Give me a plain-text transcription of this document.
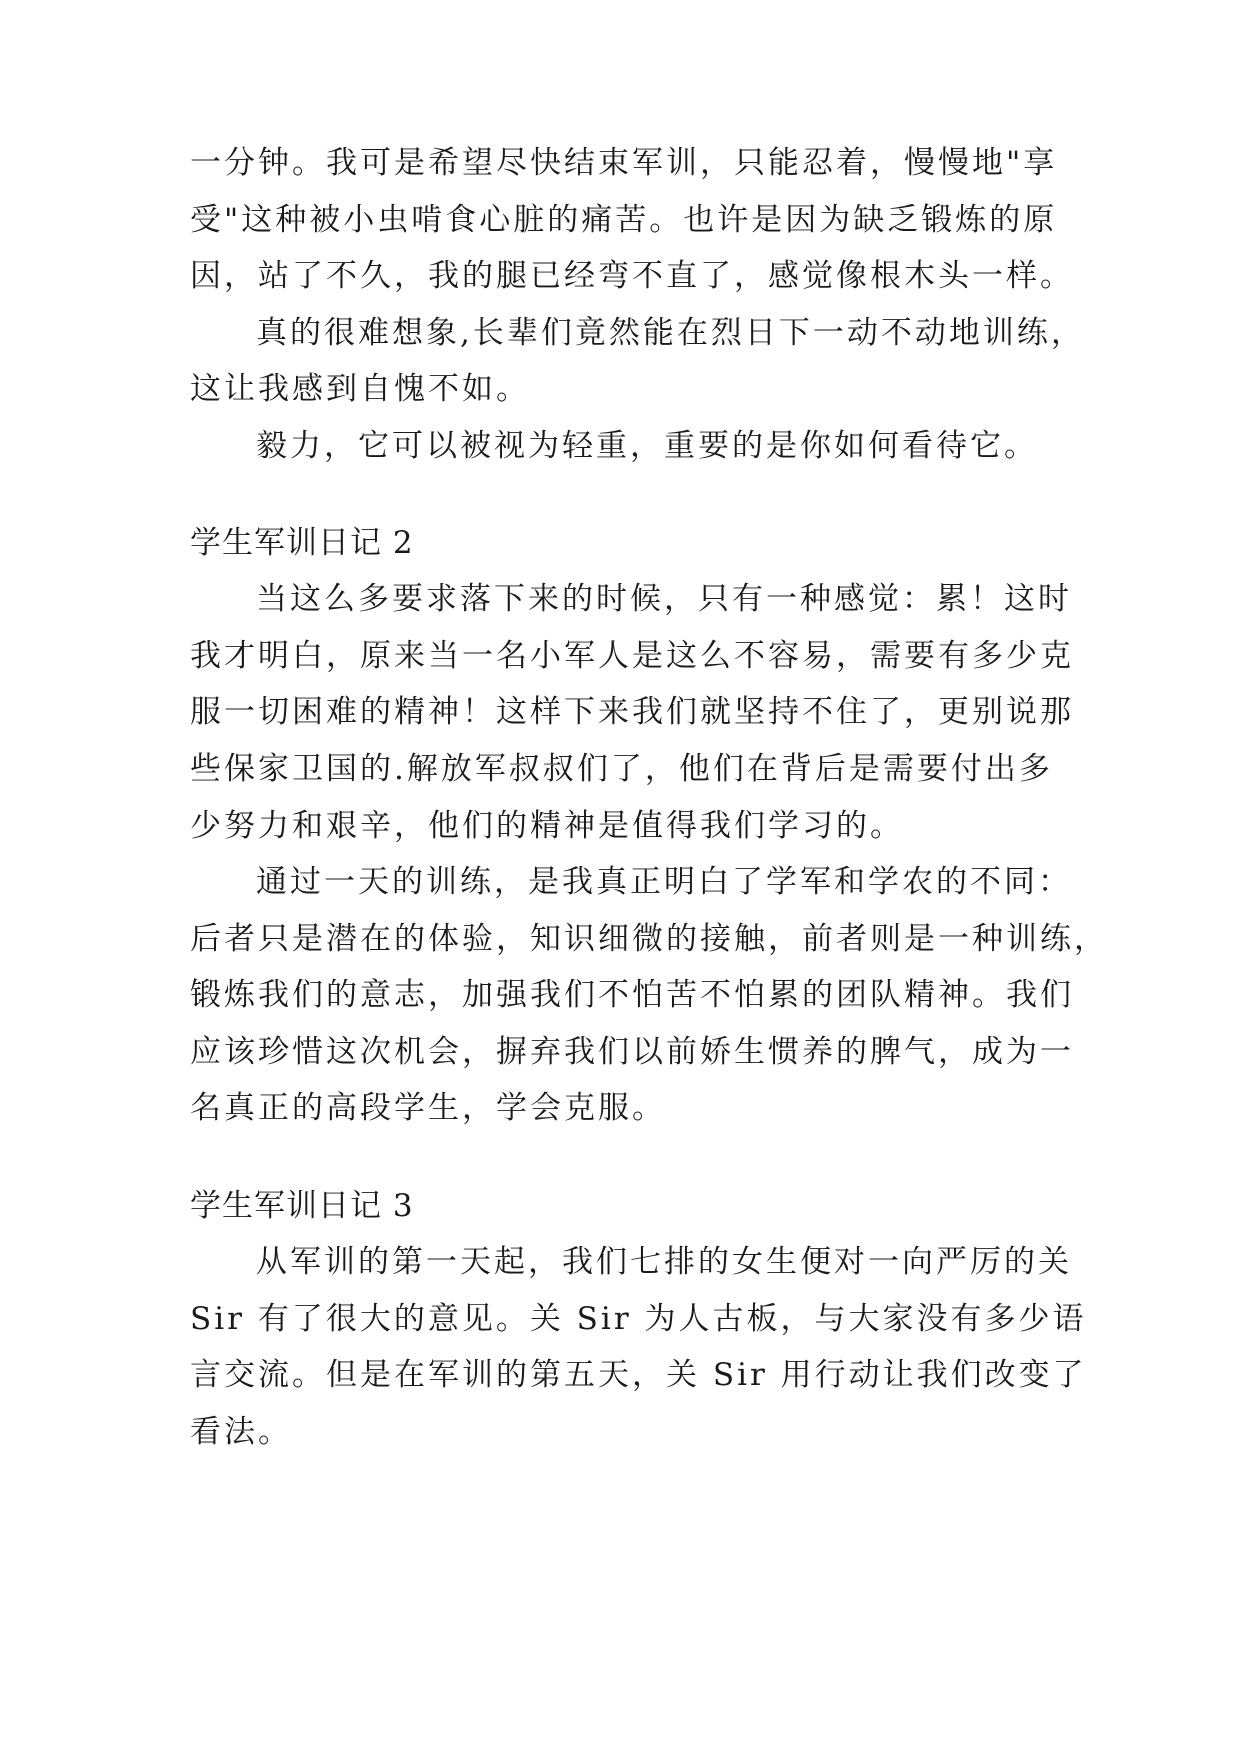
一分钟。我可是希望尽快结束军训，只能忍着，慢慢地"享
受"这种被小虫啃食心脏的痛苦。也许是因为缺乏锻炼的原
因，站了不久，我的腿已经弯不直了，感觉像根木头一样。
真的很难想象,长辈们竟然能在烈日下一动不动地训练，
这让我感到自愧不如。
毅力，它可以被视为轻重，重要的是你如何看待它。
学生军训日记 2
当这么多要求落下来的时候，只有一种感觉：累！这时
我才明白，原来当一名小军人是这么不容易，需要有多少克
服一切困难的精神！这样下来我们就坚持不住了，更别说那
些保家卫国的.解放军叔叔们了，他们在背后是需要付出多
少努力和艰辛，他们的精神是值得我们学习的。
通过一天的训练，是我真正明白了学军和学农的不同：
后者只是潜在的体验，知识细微的接触，前者则是一种训练，
锻炼我们的意志，加强我们不怕苦不怕累的团队精神。我们
应该珍惜这次机会，摒弃我们以前娇生惯养的脾气，成为一
名真正的高段学生，学会克服。
学生军训日记 3
从军训的第一天起，我们七排的女生便对一向严厉的关
Sir 有了很大的意见。关 Sir 为人古板，与大家没有多少语
言交流。但是在军训的第五天，关 Sir 用行动让我们改变了
看法。
